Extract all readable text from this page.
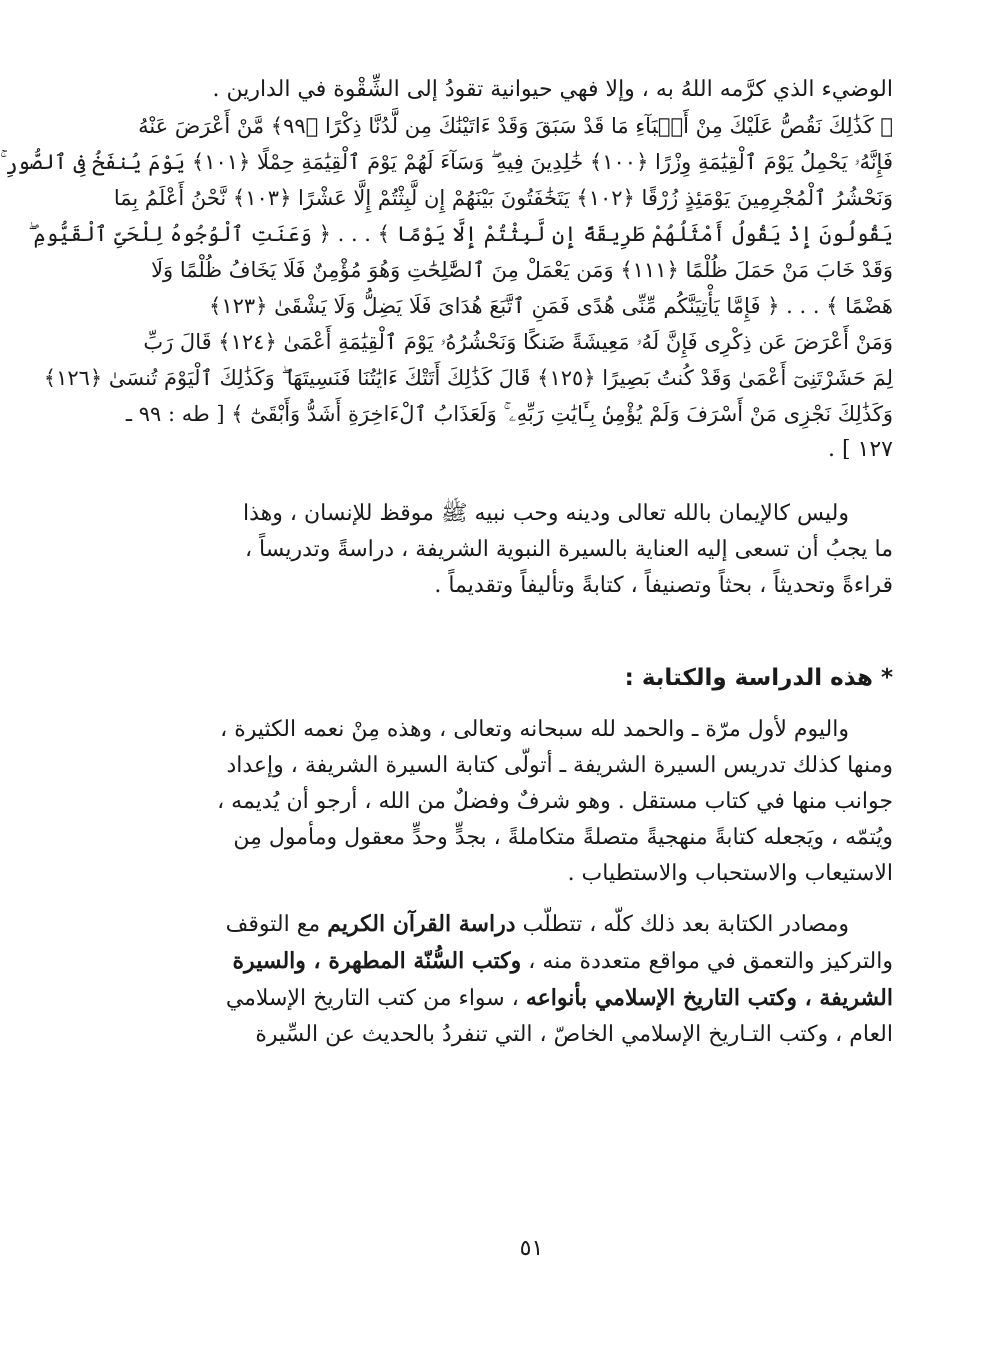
الوضيء الذي كرَّمه اللهُ به ، وإلا فهي حيوانية تقودُ إلى الشِّقْوة في الدارين .

﴿ كَذَٰلِكَ نَقُصُّ عَلَيْكَ مِنْ أَنۢبَآءِ مَا قَدْ سَبَقَ وَقَدْ ءَاتَيْنَٰكَ مِن لَّدُنَّا ذِكْرًا ﴿٩٩﴾ مَّنْ أَعْرَضَ عَنْهُ

فَإِنَّهُۥ يَحْمِلُ يَوْمَ ٱلْقِيَٰمَةِ وِزْرًا ﴿١٠٠﴾ خَٰلِدِينَ فِيهِ ۖ وَسَآءَ لَهُمْ يَوْمَ ٱلْقِيَٰمَةِ حِمْلًا ﴿١٠١﴾ يَوْمَ يُنفَخُ فِى ٱلصُّورِ ۚ

وَنَحْشُرُ ٱلْمُجْرِمِينَ يَوْمَئِذٍ زُرْقًا ﴿١٠٢﴾ يَتَخَٰفَتُونَ بَيْنَهُمْ إِن لَّبِثْتُمْ إِلَّا عَشْرًا ﴿١٠٣﴾ نَّحْنُ أَعْلَمُ بِمَا

يَقُولُونَ إِذْ يَقُولُ أَمْثَلُهُمْ طَرِيقَةً إِن لَّبِثْتُمْ إِلَّا يَوْمًا ﴾ . . . ﴿ وَعَنَتِ ٱلْوُجُوهُ لِلْحَىِّ ٱلْقَيُّومِ ۖ

وَقَدْ خَابَ مَنْ حَمَلَ ظُلْمًا ﴿١١١﴾ وَمَن يَعْمَلْ مِنَ ٱلصَّٰلِحَٰتِ وَهُوَ مُؤْمِنٌ فَلَا يَخَافُ ظُلْمًا وَلَا

هَضْمًا ﴾ . . . ﴿ فَإِمَّا يَأْتِيَنَّكُم مِّنِّى هُدًى فَمَنِ ٱتَّبَعَ هُدَاىَ فَلَا يَضِلُّ وَلَا يَشْقَىٰ ﴿١٢٣﴾

وَمَنْ أَعْرَضَ عَن ذِكْرِى فَإِنَّ لَهُۥ مَعِيشَةً ضَنكًا وَنَحْشُرُهُۥ يَوْمَ ٱلْقِيَٰمَةِ أَعْمَىٰ ﴿١٢٤﴾ قَالَ رَبِّ

لِمَ حَشَرْتَنِىٓ أَعْمَىٰ وَقَدْ كُنتُ بَصِيرًا ﴿١٢٥﴾ قَالَ كَذَٰلِكَ أَتَتْكَ ءَايَٰتُنَا فَنَسِيتَهَا ۖ وَكَذَٰلِكَ ٱلْيَوْمَ تُنسَىٰ ﴿١٢٦﴾

وَكَذَٰلِكَ نَجْزِى مَنْ أَسْرَفَ وَلَمْ يُؤْمِنۢ بِـَٔايَٰتِ رَبِّهِۦ ۚ وَلَعَذَابُ ٱلْءَاخِرَةِ أَشَدُّ وَأَبْقَىٰٓ ﴾ [ طه : ٩٩ ـ

١٢٧ ] .

وليس كالإيمان بالله تعالى ودينه وحب نبيه ﷺ موقظ للإنسان ، وهذا

ما يجبُ أن تسعى إليه العناية بالسيرة النبوية الشريفة ، دراسةً وتدريساً ،

قراءةً وتحديثاً ، بحثاً وتصنيفاً ، كتابةً وتأليفاً وتقديماً .

*هذه الدراسة والكتابة :

واليوم لأول مرّة ـ والحمد لله سبحانه وتعالى ، وهذه مِنْ نعمه الكثيرة ،

ومنها كذلك تدريس السيرة الشريفة ـ أتولّى كتابة السيرة الشريفة ، وإعداد

جوانب منها في كتاب مستقل . وهو شرفٌ وفضلٌ من الله ، أرجو أن يُديمه ،

ويُتمّه ، ويَجعله كتابةً منهجيةً متصلةً متكاملةً ، بجدٍّ وحدٍّ معقول ومأمول مِن

الاستيعاب والاستحباب والاستطياب .

ومصادر الكتابة بعد ذلك كلّه ، تتطلّب دراسة القرآن الكريم مع التوقف

والتركيز والتعمق في مواقع متعددة منه ، وكتب السُّنّة المطهرة ، والسيرة

الشريفة ، وكتب التاريخ الإسلامي بأنواعه ، سواء من كتب التاريخ الإسلامي

العام ، وكتب التـاريخ الإسلامي الخاصّ ، التي تنفردُ بالحديث عن السِّيرة

٥١
